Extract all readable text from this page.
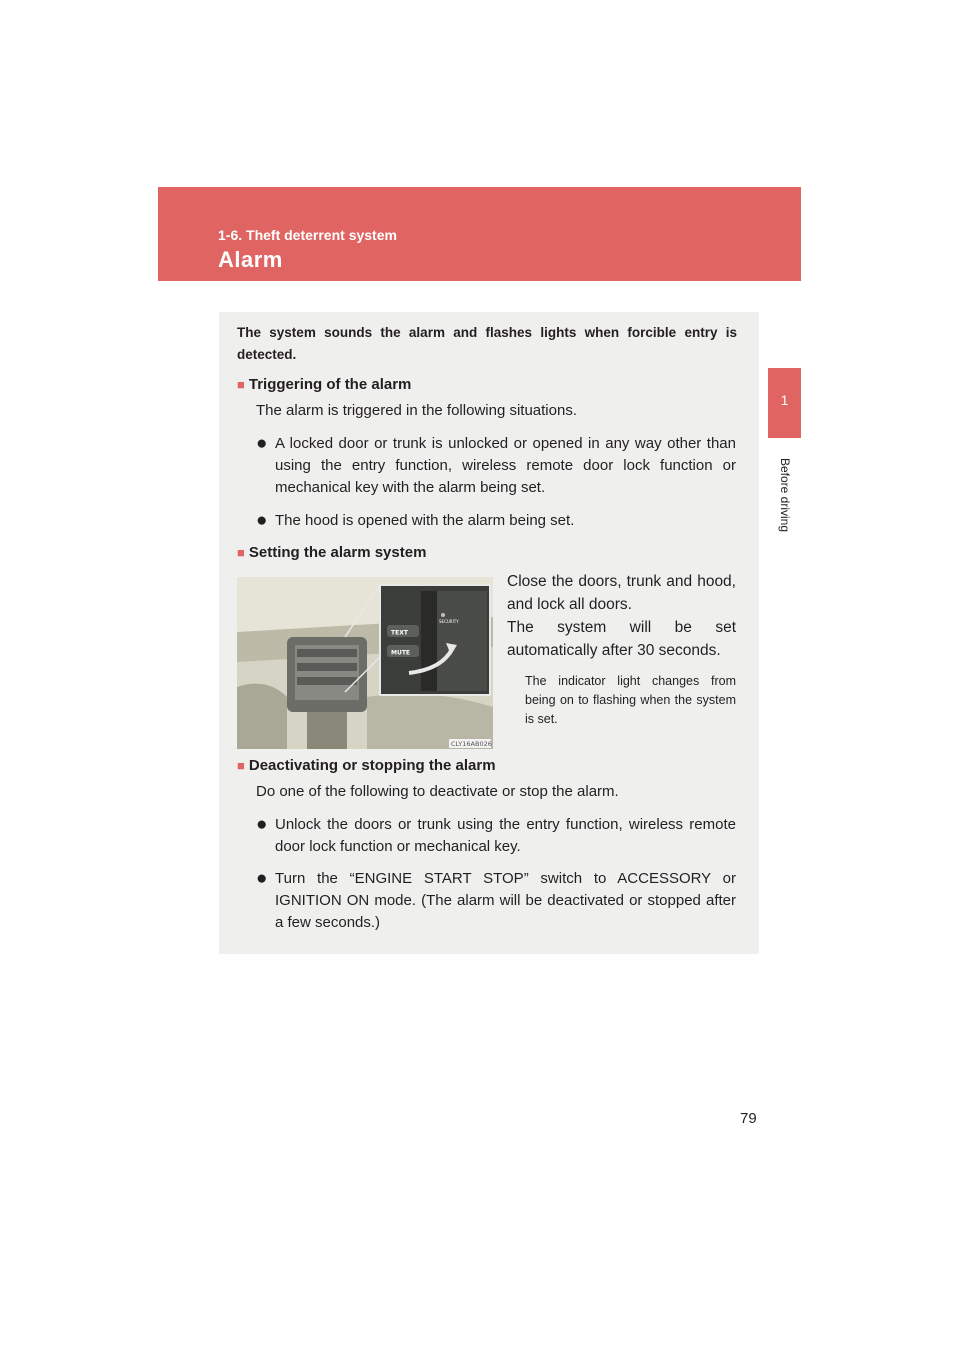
1-6. Theft deterrent system
Alarm
1
Before driving
The system sounds the alarm and flashes lights when forcible entry is detected.
■ Triggering of the alarm
The alarm is triggered in the following situations.
● A locked door or trunk is unlocked or opened in any way other than using the entry function, wireless remote door lock function or mechanical key with the alarm being set.
● The hood is opened with the alarm being set.
■ Setting the alarm system
TEXT
MUTE
SECURITY
CLY16AB026
Close the doors, trunk and hood, and lock all doors.
The system will be set automatically after 30 seconds.
The indicator light changes from being on to flashing when the system is set.
■ Deactivating or stopping the alarm
Do one of the following to deactivate or stop the alarm.
● Unlock the doors or trunk using the entry function, wireless remote door lock function or mechanical key.
● Turn the “ENGINE START STOP” switch to ACCESSORY or IGNITION ON mode. (The alarm will be deactivated or stopped after a few seconds.)
79
